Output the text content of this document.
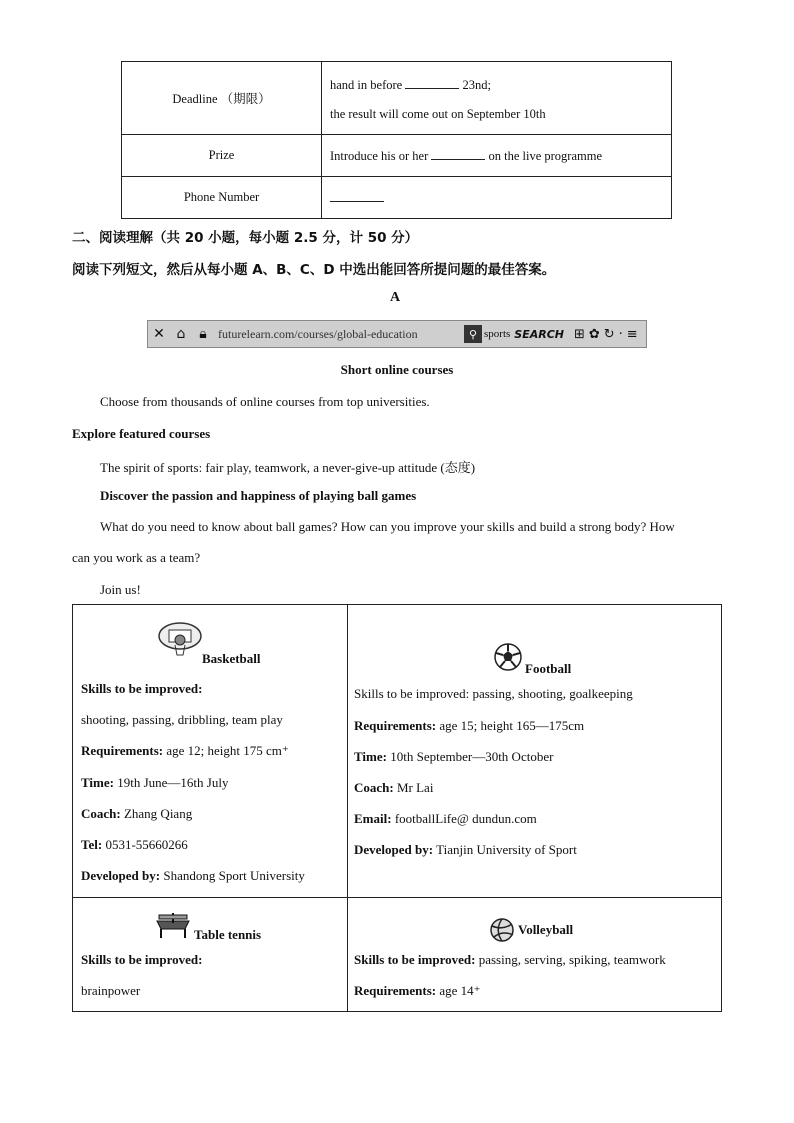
Deadline （期限）	hand in before 23nd;
the result will come out on September 10th

Prize	Introduce his or her on the live programme
Phone Number	
二、阅读理解（共 20 小题，每小题 2.5 分，计 50 分）
阅读下列短文，然后从每小题 A、B、C、D 中选出能回答所提问题的最佳答案。
A
✕ ⌂ 🔒︎ futurelearn.com/courses/global-education	⚲ sports SEARCH ⊞✿↻·≡
Short online courses
Choose from thousands of online courses from top universities.
Explore featured courses
The spirit of sports: fair play, teamwork, a never-give-up attitude (态度)
Discover the passion and happiness of playing ball games
What do you need to know about ball games? How can you improve your skills and build a strong body? How
can you work as a team?
Join us!
Basketball
Skills to be improved:
shooting, passing, dribbling, team play
Requirements: age 12; height 175 cm⁺
Time: 19th June—16th July
Coach: Zhang Qiang
Tel: 0531-55660266
Developed by: Shandong Sport University
Football
Skills to be improved: passing, shooting, goalkeeping
Requirements: age 15; height 165—175cm
Time: 10th September—30th October
Coach: Mr Lai
Email: footballLife@ dundun.com
Developed by: Tianjin University of Sport
Table tennis
Skills to be improved:
brainpower
Volleyball
Skills to be improved: passing, serving, spiking, teamwork
Requirements: age 14⁺
